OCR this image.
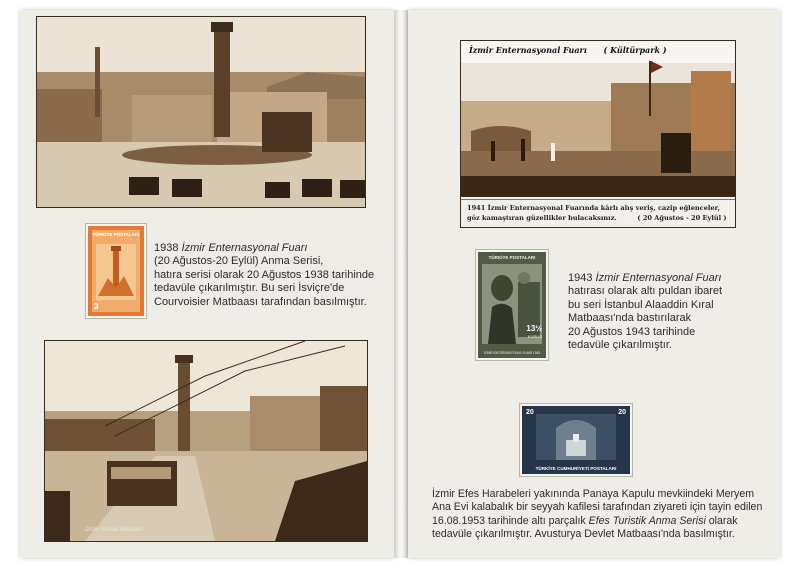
TÜRKİYE POSTALARI
3
1938 İzmir Enternasyonal Fuarı
(20 Ağustos-20 Eylül) Anma Serisi,
hatıra serisi olarak 20 Ağustos 1938 tarihinde
tedavüle çıkarılmıştır. Bu seri İsviçre'de
Courvoisier Matbaası tarafından basılmıştır.
İzmir, Konak Meydanı
İzmir Enternasyonal Fuarı ( Kültürpark )
1941 İzmir Enternasyonal Fuarında kârlı alış veriş, cazip eğlenceler,
göz kamaştıran güzellikler bulacaksınız.	( 20 Ağustos - 20 Eylül )
TÜRKİYE POSTALARI
13½
KURUŞ
İZMİR ENTERNASYONAL FUARI 1943
1943 İzmir Enternasyonal Fuarı
hatırası olarak altı puldan ibaret
bu seri İstanbul Alaaddin Kıral
Matbaası'nda bastırılarak
20 Ağustos 1943 tarihinde
tedavüle çıkarılmıştır.
20	20
TÜRKİYE CUMHURİYETİ POSTALARI
İzmir Efes Harabeleri yakınında Panaya Kapulu mevkiindeki Meryem
Ana Evi kalabalık bir seyyah kafilesi tarafından ziyareti için tayin edilen
16.08.1953 tarihinde altı parçalık Efes Turistik Anma Serisi olarak
tedavüle çıkarılmıştır. Avusturya Devlet Matbaası'nda basılmıştır.
